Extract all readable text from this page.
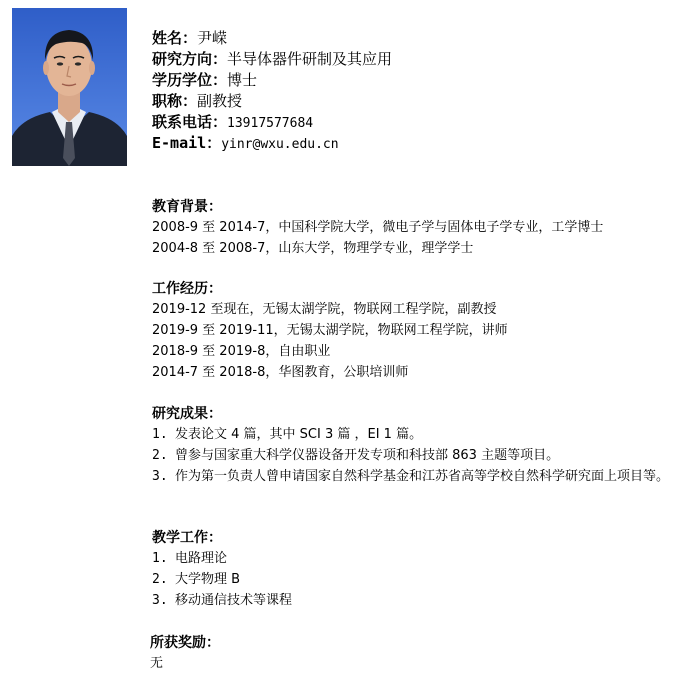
姓名：尹嵘
研究方向：半导体器件研制及其应用
学历学位：博士
职称：副教授
联系电话：13917577684
E-mail：yinr@wxu.edu.cn
教育背景：
2008-9 至 2014-7，中国科学院大学，微电子学与固体电子学专业，工学博士
2004-8 至 2008-7，山东大学，物理学专业，理学学士
工作经历：
2019-12 至现在，无锡太湖学院，物联网工程学院，副教授
2019-9 至 2019-11，无锡太湖学院，物联网工程学院，讲师
2018-9 至 2019-8，自由职业
2014-7 至 2018-8，华图教育，公职培训师
研究成果：
1. 发表论文 4 篇，其中 SCI 3 篇 ，EI 1 篇。
2. 曾参与国家重大科学仪器设备开发专项和科技部 863 主题等项目。
3. 作为第一负责人曾申请国家自然科学基金和江苏省高等学校自然科学研究面上项目等。
教学工作：
1. 电路理论
2. 大学物理 B
3. 移动通信技术等课程
所获奖励：
无
